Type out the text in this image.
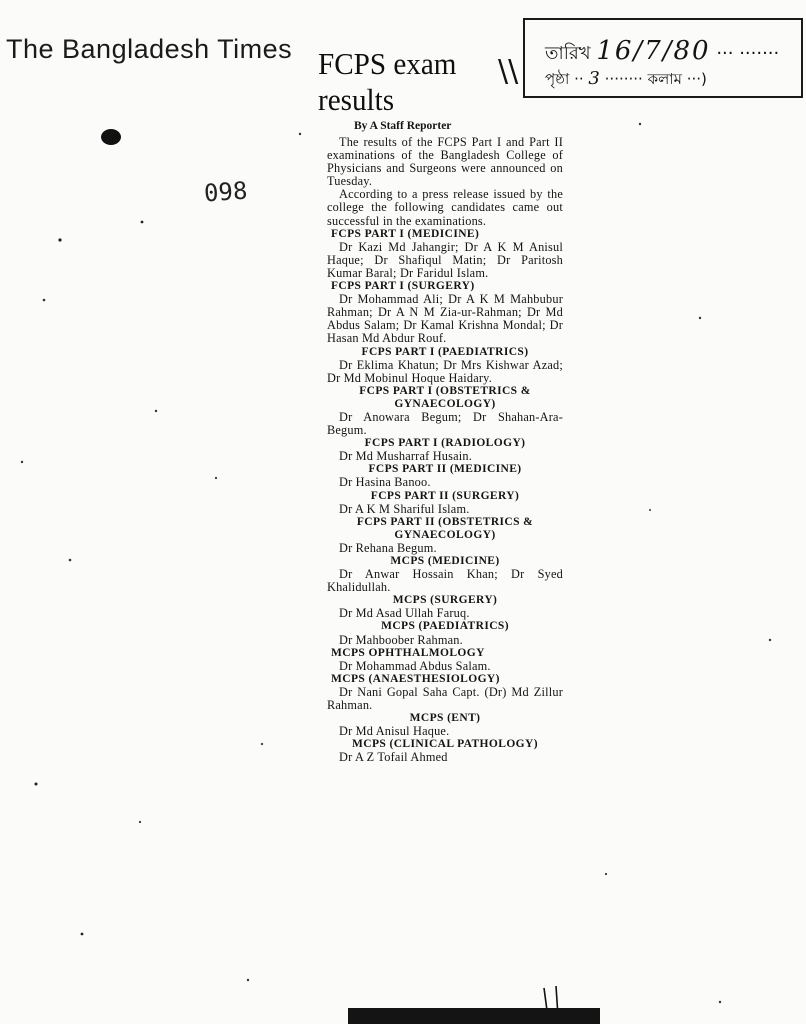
The Bangladesh Times
098
তারিখ 16/7/80 ··· ·······
পৃষ্ঠা ·· 3 ········ কলাম ···)
\\
FCPS exam
results
By A Staff Reporter

The results of the FCPS Part I and Part II examinations of the Bangladesh College of Physicians and Surgeons were announced on Tuesday.

According to a press release issued by the college the following candidates came out successful in the examinations.

FCPS PART I (MEDICINE)

Dr Kazi Md Jahangir; Dr A K M Anisul Haque; Dr Shafiqul Matin; Dr Paritosh Kumar Baral; Dr Faridul Islam.

FCPS PART I (SURGERY)

Dr Mohammad Ali; Dr A K M Mahbubur Rahman; Dr A N M Zia-ur-Rahman; Dr Md Abdus Salam; Dr Kamal Krishna Mondal; Dr Hasan Md Abdur Rouf.

FCPS PART I (PAEDIATRICS)

Dr Eklima Khatun; Dr Mrs Kishwar Azad; Dr Md Mobinul Hoque Haidary.

FCPS PART I (OBSTETRICS & GYNAECOLOGY)

Dr Anowara Begum; Dr Shahan-Ara-Begum.

FCPS PART I (RADIOLOGY)

Dr Md Musharraf Husain.

FCPS PART II (MEDICINE)

Dr Hasina Banoo.

FCPS PART II (SURGERY)

Dr A K M Shariful Islam.

FCPS PART II (OBSTETRICS & GYNAECOLOGY)

Dr Rehana Begum.

MCPS (MEDICINE)

Dr Anwar Hossain Khan; Dr Syed Khalidullah.

MCPS (SURGERY)

Dr Md Asad Ullah Faruq.

MCPS (PAEDIATRICS)

Dr Mahboober Rahman.

MCPS OPHTHALMOLOGY

Dr Mohammad Abdus Salam.

MCPS (ANAESTHESIOLOGY)

Dr Nani Gopal Saha Capt. (Dr) Md Zillur Rahman.

MCPS (ENT)

Dr Md Anisul Haque.

MCPS (CLINICAL PATHOLOGY)

Dr A Z Tofail Ahmed
